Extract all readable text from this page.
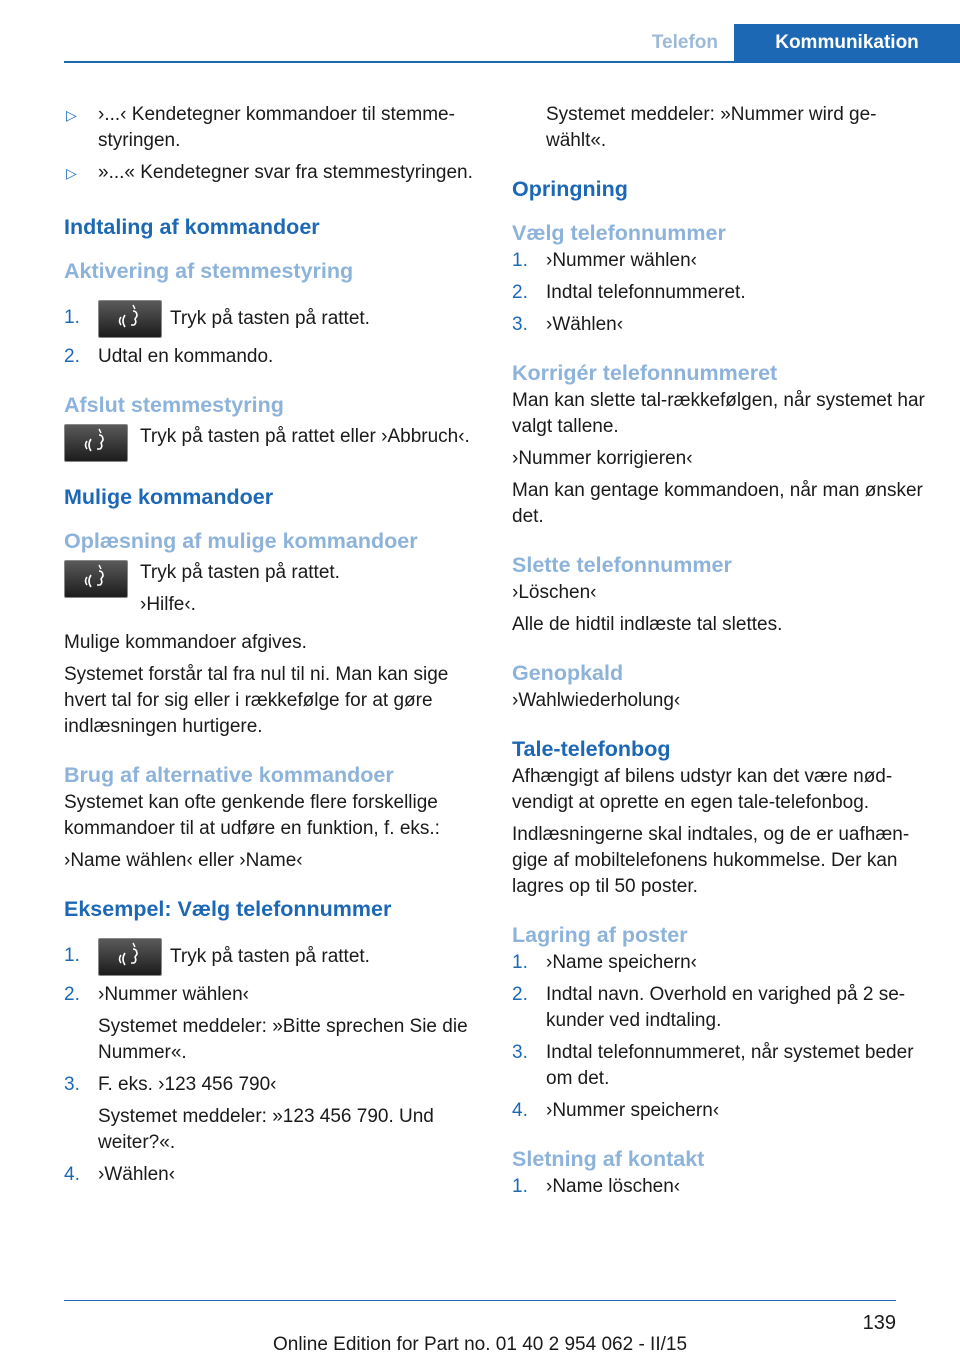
Telefon	Kommunikation
▷ ›...‹ Kendetegner kommandoer til stemmestyringen.
▷ »...« Kendetegner svar fra stemmestyringen.
Indtaling af kommandoer
Aktivering af stemmestyring
1.	Tryk på tasten på rattet.
2. Udtal en kommando.
Afslut stemmestyring
Tryk på tasten på rattet eller ›Abbruch‹.
Mulige kommandoer
Oplæsning af mulige kommandoer
Tryk på tasten på rattet.
›Hilfe‹.
Mulige kommandoer afgives.
Systemet forstår tal fra nul til ni. Man kan sige hvert tal for sig eller i rækkefølge for at gøre indlæsningen hurtigere.
Brug af alternative kommandoer
Systemet kan ofte genkende flere forskellige kommandoer til at udføre en funktion, f. eks.:
›Name wählen‹ eller ›Name‹
Eksempel: Vælg telefonnummer
1.	Tryk på tasten på rattet.
2. ›Nummer wählen‹
Systemet meddeler: »Bitte sprechen Sie die Nummer«.
3. F. eks. ›123 456 790‹
Systemet meddeler: »123 456 790. Und weiter?«.
4. ›Wählen‹
Systemet meddeler: »Nummer wird gewählt«.
Opringning
Vælg telefonnummer
1. ›Nummer wählen‹
2. Indtal telefonnummeret.
3. ›Wählen‹
Korrigér telefonnummeret
Man kan slette tal-rækkefølgen, når systemet har valgt tallene.
›Nummer korrigieren‹
Man kan gentage kommandoen, når man ønsker det.
Slette telefonnummer
›Löschen‹
Alle de hidtil indlæste tal slettes.
Genopkald
›Wahlwiederholung‹
Tale-telefonbog
Afhængigt af bilens udstyr kan det være nødvendigt at oprette en egen tale-telefonbog.
Indlæsningerne skal indtales, og de er uafhængige af mobiltelefonens hukommelse. Der kan lagres op til 50 poster.
Lagring af poster
1. ›Name speichern‹
2. Indtal navn. Overhold en varighed på 2 sekunder ved indtaling.
3. Indtal telefonnummeret, når systemet beder om det.
4. ›Nummer speichern‹
Sletning af kontakt
1. ›Name löschen‹
139
Online Edition for Part no. 01 40 2 954 062 - II/15
